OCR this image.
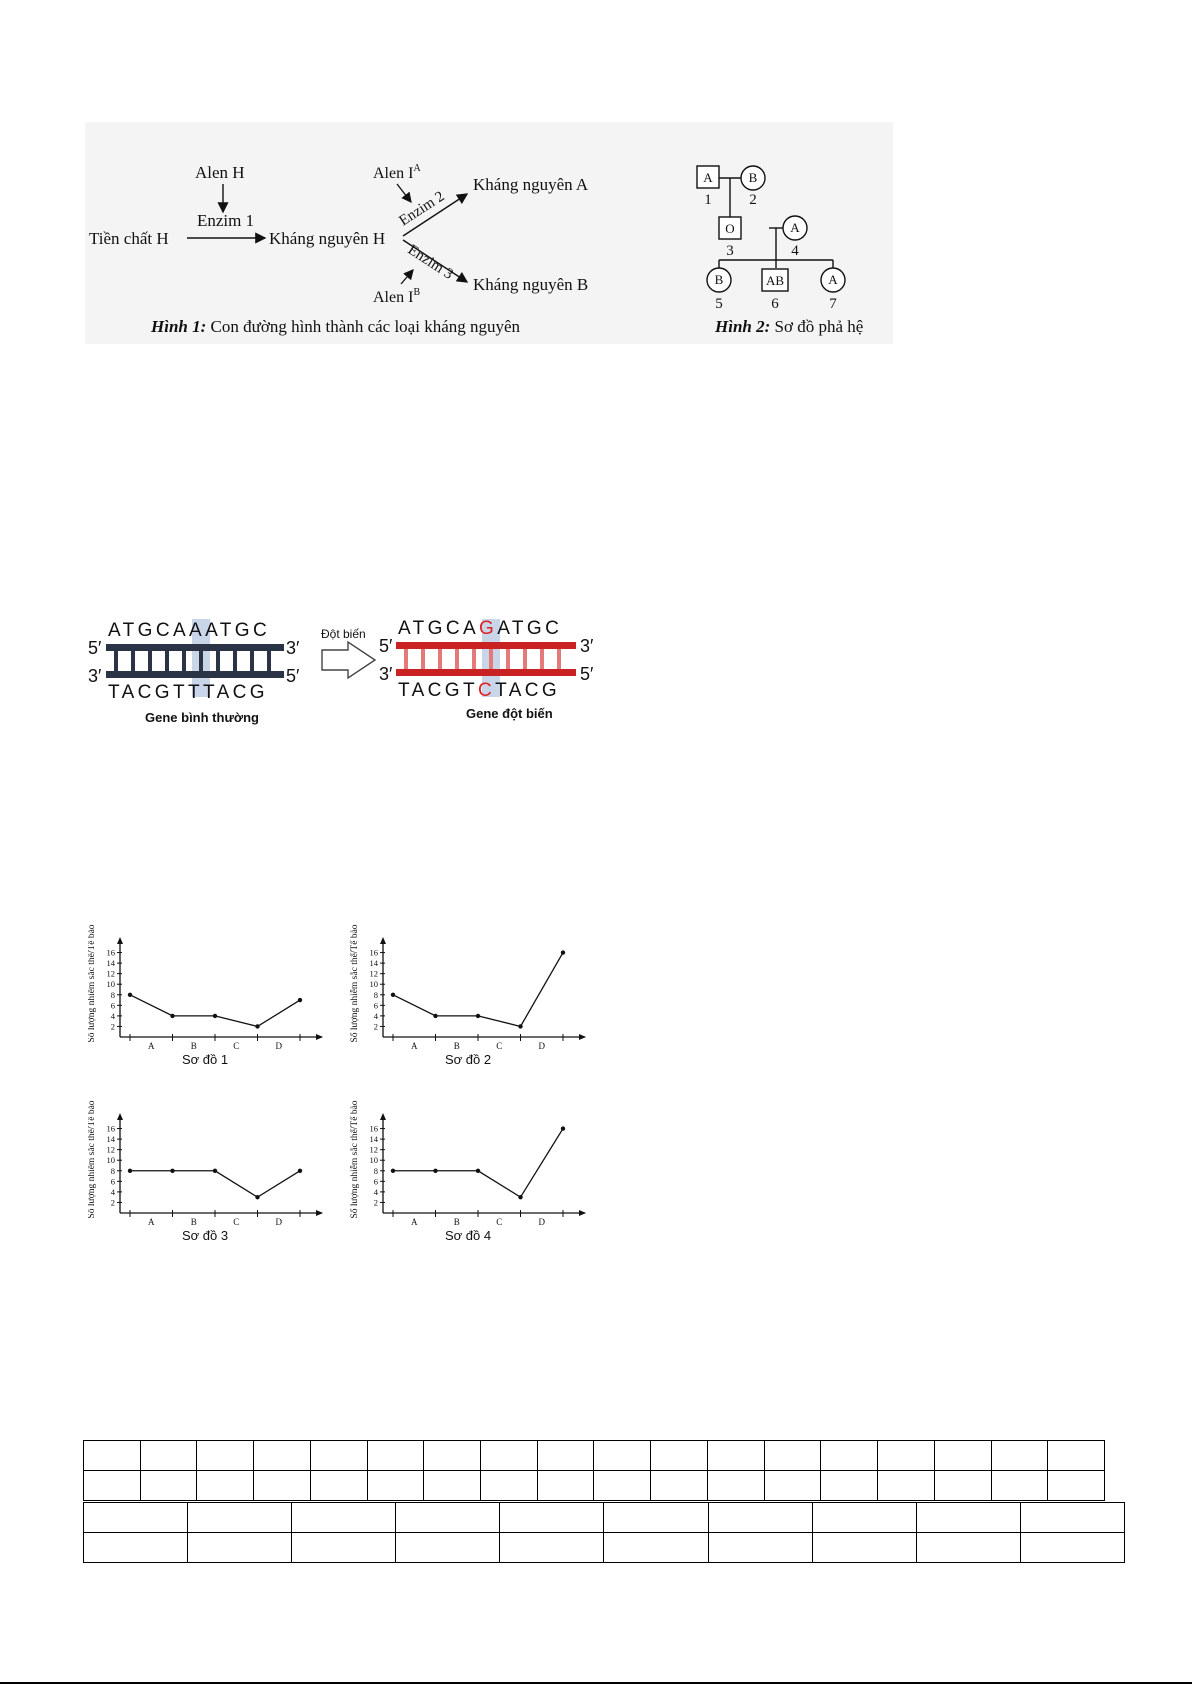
Alen H
Enzim 1
Tiền chất H	Kháng nguyên H
Alen $I^A$
Enzim 2
Kháng nguyên A
Enzim 3
Kháng nguyên B
Alen $I^B$
Hình 1: Con đường hình thành các loại kháng nguyên
A	B
O	A
B	AB	A
1	2
3	4
5	6	7
Hình 2: Sơ đồ phả hệ
ATGCAAATGC
TACGTTTACG
5′
3′
3′
5′
Gene bình thường
Đột biến ATGCAGATGC
TACGTCTACG
5′
3′
3′
5′
Gene đột biến
2
4
6
8
10
12
14
16
A	B	C	D
Số lượng nhiễm sắc thể/Tế bào
Sơ đồ 1
2
4
6
8
10
12
14
16
A	B	C	D
Số lượng nhiễm sắc thể/Tế bào
Sơ đồ 2
2
4
6
8
10
12
14
16
A	B	C	D
Số lượng nhiễm sắc thể/Tế bào
Sơ đồ 3
2
4
6
8
10
12
14
16
A	B	C	D
Số lượng nhiễm sắc thể/Tế bào
Sơ đồ 4
